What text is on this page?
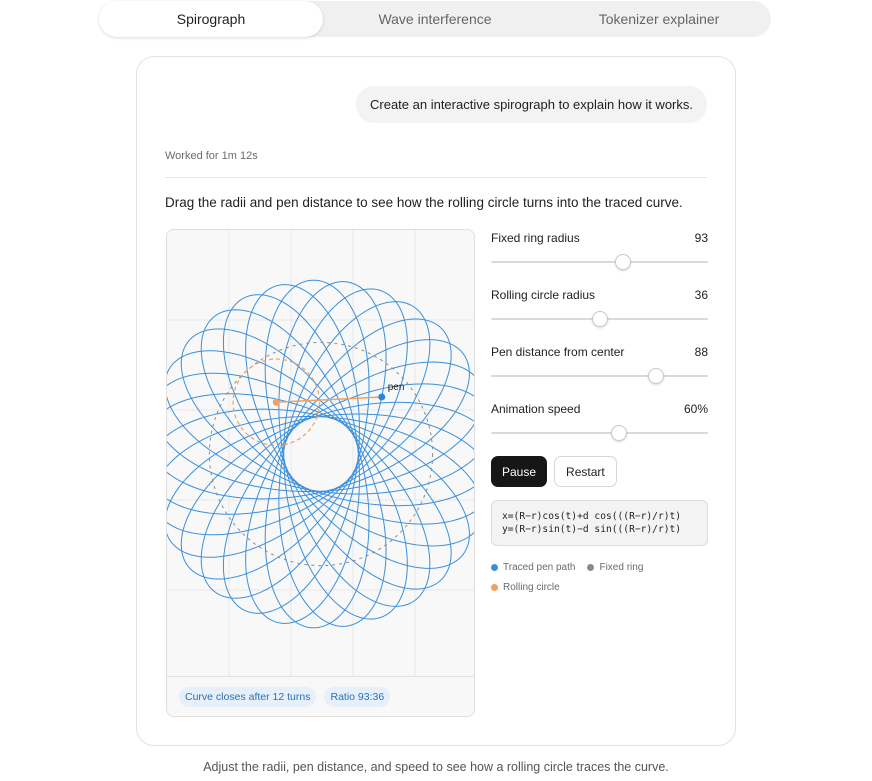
Spirograph	Wave interference	Tokenizer explainer
Create an interactive spirograph to explain how it works.
Worked for 1m 12s
Drag the radii and pen distance to see how the rolling circle turns into the traced curve.
pen
Curve closes after 12 turns	Ratio 93:36
Fixed ring radius	93
Rolling circle radius	36
Pen distance from center	88
Animation speed	60%
Pause	Restart
x=(R−r)cos(t)+d cos(((R−r)/r)t)
y=(R−r)sin(t)−d sin(((R−r)/r)t)
Traced pen path Fixed ring
Rolling circle
Adjust the radii, pen distance, and speed to see how a rolling circle traces the curve.
